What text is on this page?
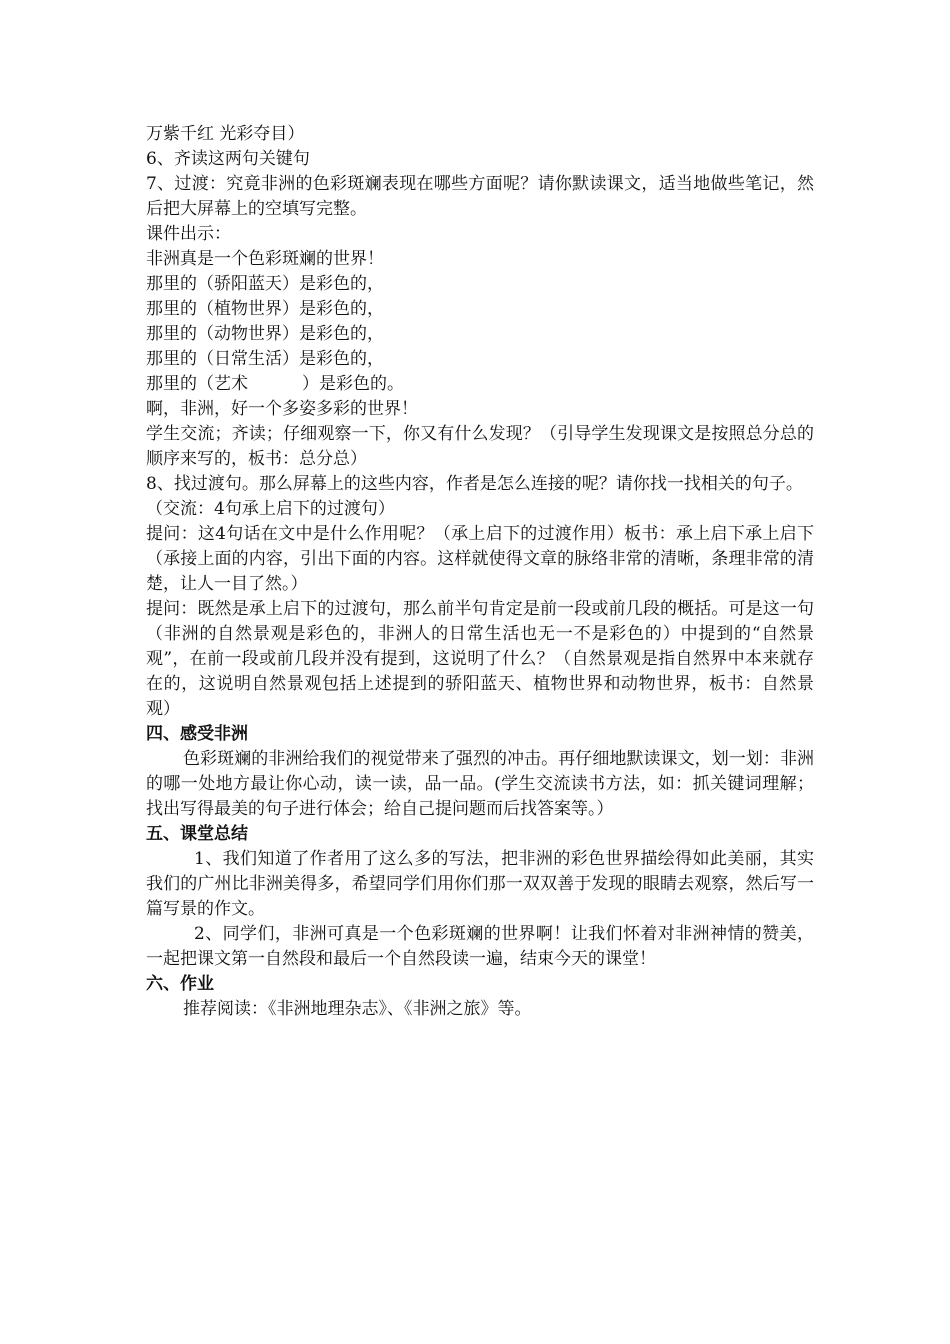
万紫千红 光彩夺目）

6、齐读这两句关键句

7、过渡：究竟非洲的色彩斑斓表现在哪些方面呢？请你默读课文，适当地做些笔记，然后把大屏幕上的空填写完整。

课件出示：

非洲真是一个色彩斑斓的世界！

那里的（骄阳蓝天）是彩色的，

那里的（植物世界）是彩色的，

那里的（动物世界）是彩色的，

那里的（日常生活）是彩色的，

那里的（艺术          ）是彩色的。

啊，非洲，好一个多姿多彩的世界！

学生交流；齐读；仔细观察一下，你又有什么发现？（引导学生发现课文是按照总分总的顺序来写的，板书：总分总）

8、找过渡句。那么屏幕上的这些内容，作者是怎么连接的呢？请你找一找相关的句子。

（交流：4句承上启下的过渡句）

提问：这4句话在文中是什么作用呢？（承上启下的过渡作用）板书：承上启下承上启下（承接上面的内容，引出下面的内容。这样就使得文章的脉络非常的清晰，条理非常的清楚，让人一目了然。）

提问：既然是承上启下的过渡句，那么前半句肯定是前一段或前几段的概括。可是这一句（非洲的自然景观是彩色的，非洲人的日常生活也无一不是彩色的）中提到的“自然景观”，在前一段或前几段并没有提到，这说明了什么？（自然景观是指自然界中本来就存在的，这说明自然景观包括上述提到的骄阳蓝天、植物世界和动物世界，板书：自然景观）

四、感受非洲

色彩斑斓的非洲给我们的视觉带来了强烈的冲击。再仔细地默读课文，划一划：非洲的哪一处地方最让你心动，读一读，品一品。(学生交流读书方法，如：抓关键词理解；找出写得最美的句子进行体会；给自己提问题而后找答案等。）

五、课堂总结

1、我们知道了作者用了这么多的写法，把非洲的彩色世界描绘得如此美丽，其实我们的广州比非洲美得多，希望同学们用你们那一双双善于发现的眼睛去观察，然后写一篇写景的作文。

2、同学们，非洲可真是一个色彩斑斓的世界啊！让我们怀着对非洲神情的赞美，一起把课文第一自然段和最后一个自然段读一遍，结束今天的课堂！

六、作业

推荐阅读：《非洲地理杂志》、《非洲之旅》等。
